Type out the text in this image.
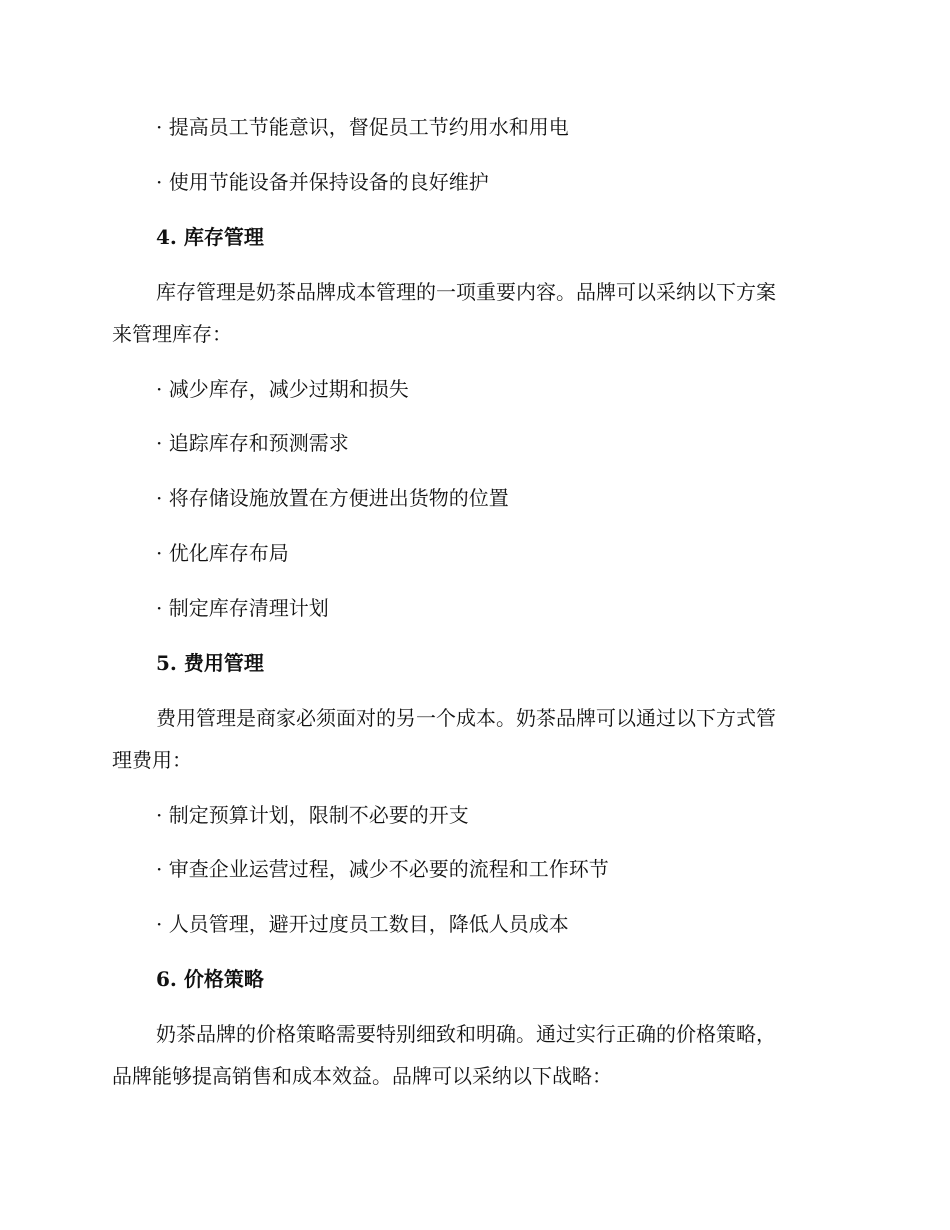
· 提高员工节能意识，督促员工节约用水和用电
· 使用节能设备并保持设备的良好维护
4. 库存管理
库存管理是奶茶品牌成本管理的一项重要内容。品牌可以采纳以下方案
来管理库存：
· 减少库存，减少过期和损失
· 追踪库存和预测需求
· 将存储设施放置在方便进出货物的位置
· 优化库存布局
· 制定库存清理计划
5. 费用管理
费用管理是商家必须面对的另一个成本。奶茶品牌可以通过以下方式管
理费用：
· 制定预算计划，限制不必要的开支
· 审查企业运营过程，减少不必要的流程和工作环节
· 人员管理，避开过度员工数目，降低人员成本
6. 价格策略
奶茶品牌的价格策略需要特别细致和明确。通过实行正确的价格策略，
品牌能够提高销售和成本效益。品牌可以采纳以下战略：
